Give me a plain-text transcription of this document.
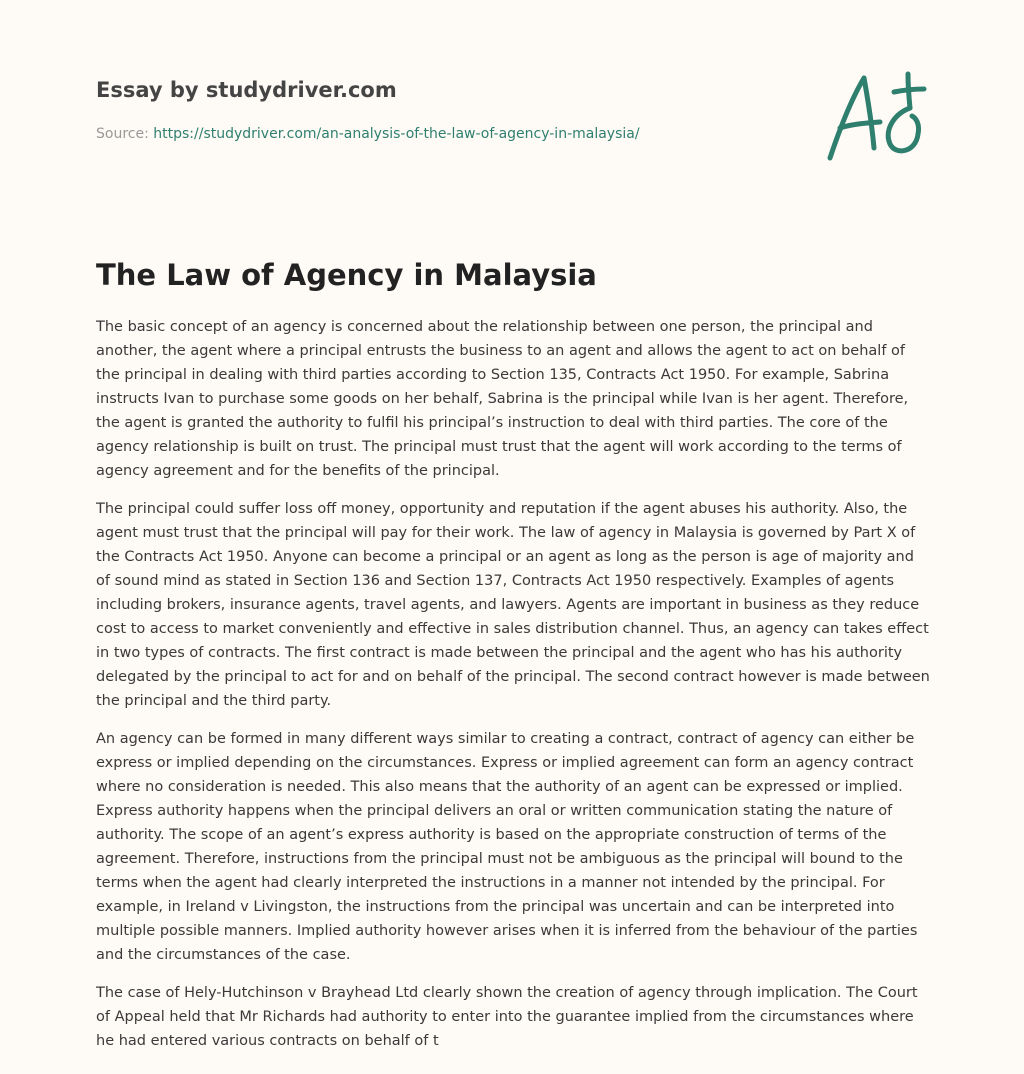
Essay by studydriver.com
Source: https://studydriver.com/an-analysis-of-the-law-of-agency-in-malaysia/
The Law of Agency in Malaysia

The basic concept of an agency is concerned about the relationship between one person, the principal and another, the agent where a principal entrusts the business to an agent and allows the agent to act on behalf of the principal in dealing with third parties according to Section 135, Contracts Act 1950. For example, Sabrina instructs Ivan to purchase some goods on her behalf, Sabrina is the principal while Ivan is her agent. Therefore, the agent is granted the authority to fulfil his principal’s instruction to deal with third parties. The core of the agency relationship is built on trust. The principal must trust that the agent will work according to the terms of agency agreement and for the benefits of the principal.

The principal could suffer loss off money, opportunity and reputation if the agent abuses his authority. Also, the agent must trust that the principal will pay for their work. The law of agency in Malaysia is governed by Part X of the Contracts Act 1950. Anyone can become a principal or an agent as long as the person is age of majority and of sound mind as stated in Section 136 and Section 137, Contracts Act 1950 respectively. Examples of agents including brokers, insurance agents, travel agents, and lawyers. Agents are important in business as they reduce cost to access to market conveniently and effective in sales distribution channel. Thus, an agency can takes effect in two types of contracts. The first contract is made between the principal and the agent who has his authority delegated by the principal to act for and on behalf of the principal. The second contract however is made between the principal and the third party.

An agency can be formed in many different ways similar to creating a contract, contract of agency can either be express or implied depending on the circumstances. Express or implied agreement can form an agency contract where no consideration is needed. This also means that the authority of an agent can be expressed or implied. Express authority happens when the principal delivers an oral or written communication stating the nature of authority. The scope of an agent’s express authority is based on the appropriate construction of terms of the agreement. Therefore, instructions from the principal must not be ambiguous as the principal will bound to the terms when the agent had clearly interpreted the instructions in a manner not intended by the principal. For example, in Ireland v Livingston, the instructions from the principal was uncertain and can be interpreted into multiple possible manners. Implied authority however arises when it is inferred from the behaviour of the parties and the circumstances of the case.

The case of Hely-Hutchinson v Brayhead Ltd clearly shown the creation of agency through implication. The Court of Appeal held that Mr Richards had authority to enter into the guarantee implied from the circumstances where he had entered various contracts on behalf of t
